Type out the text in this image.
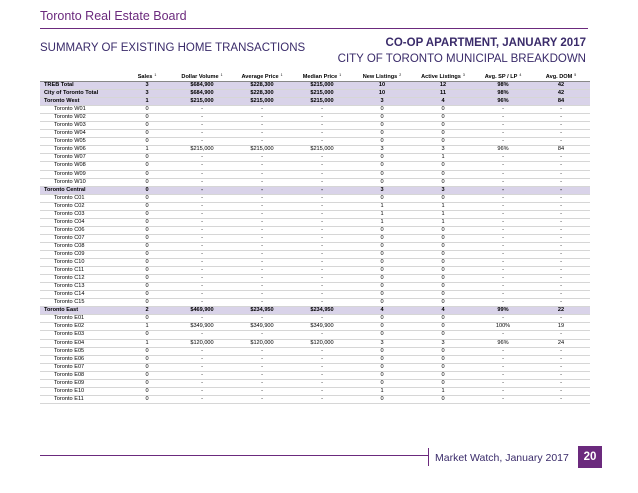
Toronto Real Estate Board
SUMMARY OF EXISTING HOME TRANSACTIONS	CO-OP APARTMENT, JANUARY 2017
CITY OF TORONTO MUNICIPAL BREAKDOWN
	Sales $^1$	Dollar Volume $^1$	Average Price $^1$	Median Price $^1$	New Listings $^2$	Active Listings $^3$	Avg. SP / LP $^4$	Avg. DOM $^5$
TREB Total	3	$684,900	$228,300	$215,000	10	12	98%	42
City of Toronto Total	3	$684,900	$228,300	$215,000	10	11	98%	42
Toronto West	1	$215,000	$215,000	$215,000	3	4	96%	84
Toronto W01	0	-	-	-	0	0	-	-
Toronto W02	0	-	-	-	0	0	-	-
Toronto W03	0	-	-	-	0	0	-	-
Toronto W04	0	-	-	-	0	0	-	-
Toronto W05	0	-	-	-	0	0	-	-
Toronto W06	1	$215,000	$215,000	$215,000	3	3	96%	84
Toronto W07	0	-	-	-	0	1	-	-
Toronto W08	0	-	-	-	0	0	-	-
Toronto W09	0	-	-	-	0	0	-	-
Toronto W10	0	-	-	-	0	0	-	-
Toronto Central	0	-	-	-	3	3	-	-
Toronto C01	0	-	-	-	0	0	-	-
Toronto C02	0	-	-	-	1	1	-	-
Toronto C03	0	-	-	-	1	1	-	-
Toronto C04	0	-	-	-	1	1	-	-
Toronto C06	0	-	-	-	0	0	-	-
Toronto C07	0	-	-	-	0	0	-	-
Toronto C08	0	-	-	-	0	0	-	-
Toronto C09	0	-	-	-	0	0	-	-
Toronto C10	0	-	-	-	0	0	-	-
Toronto C11	0	-	-	-	0	0	-	-
Toronto C12	0	-	-	-	0	0	-	-
Toronto C13	0	-	-	-	0	0	-	-
Toronto C14	0	-	-	-	0	0	-	-
Toronto C15	0	-	-	-	0	0	-	-
Toronto East	2	$469,900	$234,950	$234,950	4	4	99%	22
Toronto E01	0	-	-	-	0	0	-	-
Toronto E02	1	$349,900	$349,900	$349,900	0	0	100%	19
Toronto E03	0	-	-	-	0	0	-	-
Toronto E04	1	$120,000	$120,000	$120,000	3	3	96%	24
Toronto E05	0	-	-	-	0	0	-	-
Toronto E06	0	-	-	-	0	0	-	-
Toronto E07	0	-	-	-	0	0	-	-
Toronto E08	0	-	-	-	0	0	-	-
Toronto E09	0	-	-	-	0	0	-	-
Toronto E10	0	-	-	-	1	1	-	-
Toronto E11	0	-	-	-	0	0	-	-
Market Watch, January 2017	20
